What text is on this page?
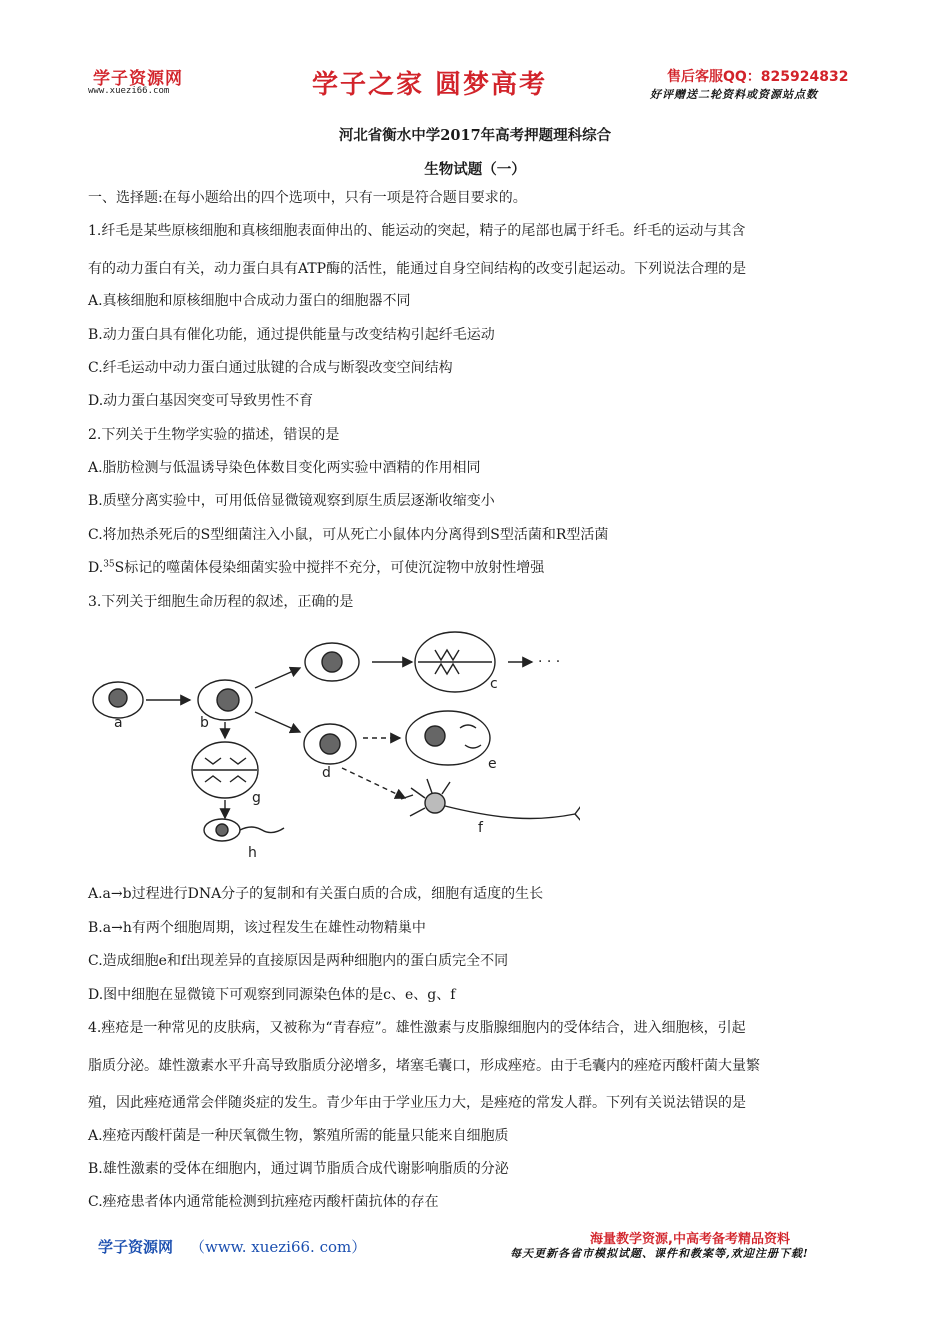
学子资源网
www.xuezi66.com	学子之家 圆梦高考	售后客服QQ：825924832
好评赠送二轮资料或资源站点数
河北省衡水中学2017年高考押题理科综合
生物试题（一）
一、选择题:在每小题给出的四个选项中，只有一项是符合题目要求的。
1.纤毛是某些原核细胞和真核细胞表面伸出的、能运动的突起，精子的尾部也属于纤毛。纤毛的运动与其含
有的动力蛋白有关，动力蛋白具有ATP酶的活性，能通过自身空间结构的改变引起运动。下列说法合理的是
A.真核细胞和原核细胞中合成动力蛋白的细胞器不同
B.动力蛋白具有催化功能，通过提供能量与改变结构引起纤毛运动
C.纤毛运动中动力蛋白通过肽键的合成与断裂改变空间结构
D.动力蛋白基因突变可导致男性不育
2.下列关于生物学实验的描述，错误的是
A.脂肪检测与低温诱导染色体数目变化两实验中酒精的作用相同
B.质壁分离实验中，可用低倍显微镜观察到原生质层逐渐收缩变小
C.将加热杀死后的S型细菌注入小鼠，可从死亡小鼠体内分离得到S型活菌和R型活菌
D.$^{35}$S标记的噬菌体侵染细菌实验中搅拌不充分，可使沉淀物中放射性增强
3.下列关于细胞生命历程的叙述，正确的是
a	b
c
d
e
f
g
h
· · ·
A.a→b过程进行DNA分子的复制和有关蛋白质的合成，细胞有适度的生长
B.a→h有两个细胞周期，该过程发生在雄性动物精巢中
C.造成细胞e和f出现差异的直接原因是两种细胞内的蛋白质完全不同
D.图中细胞在显微镜下可观察到同源染色体的是c、e、g、f
4.痤疮是一种常见的皮肤病，又被称为“青春痘”。雄性激素与皮脂腺细胞内的受体结合，进入细胞核，引起
脂质分泌。雄性激素水平升高导致脂质分泌增多，堵塞毛囊口，形成痤疮。由于毛囊内的痤疮丙酸杆菌大量繁
殖，因此痤疮通常会伴随炎症的发生。青少年由于学业压力大，是痤疮的常发人群。下列有关说法错误的是
A.痤疮丙酸杆菌是一种厌氧微生物，繁殖所需的能量只能来自细胞质
B.雄性激素的受体在细胞内，通过调节脂质合成代谢影响脂质的分泌
C.痤疮患者体内通常能检测到抗痤疮丙酸杆菌抗体的存在
学子资源网 （www. xuezi66. com）	海量教学资源,中高考备考精品资料
每天更新各省市模拟试题、课件和教案等,欢迎注册下载!
